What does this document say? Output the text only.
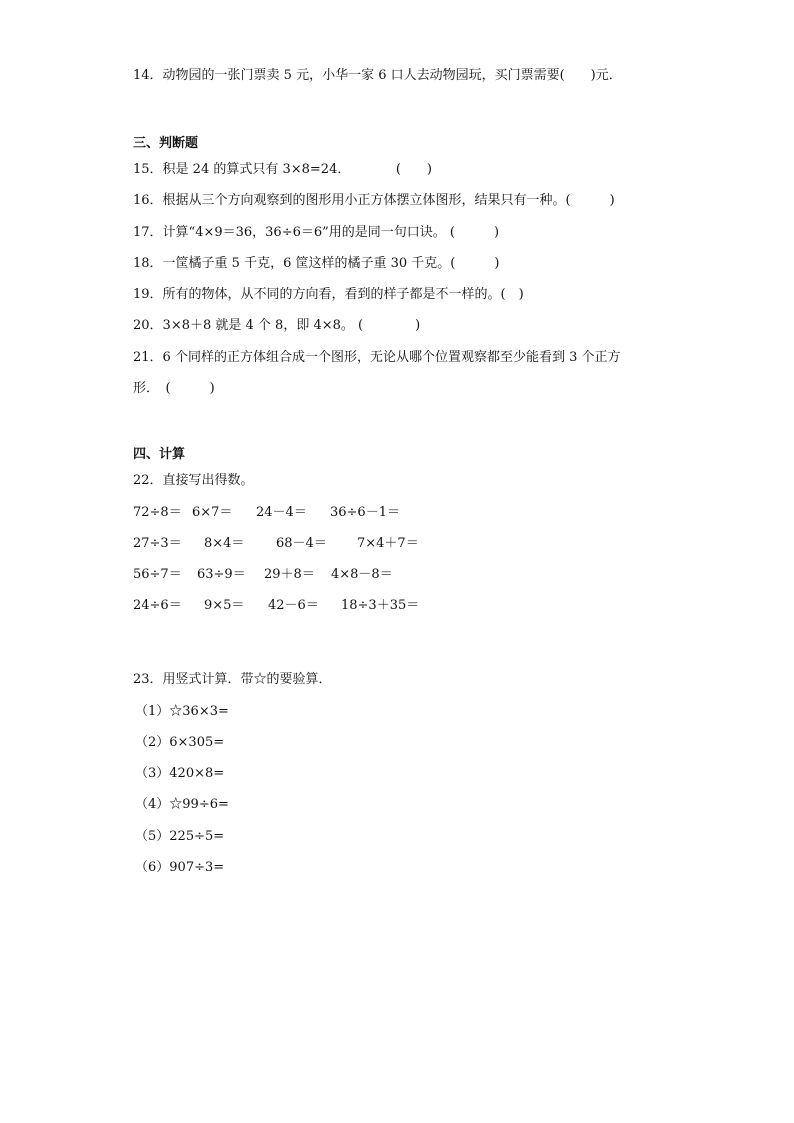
14．动物园的一张门票卖 5 元，小华一家 6 口人去动物园玩，买门票需要(　　)元．
三、判断题
15．积是 24 的算式只有 3×8=24．　　　　(　　)
16．根据从三个方向观察到的图形用小正方体摆立体图形，结果只有一种。(　　　)
17．计算“4×9＝36，36÷6＝6”用的是同一句口诀。 (　　　)
18．一筐橘子重 5 千克，6 筐这样的橘子重 30 千克。(　　　)
19．所有的物体，从不同的方向看，看到的样子都是不一样的。(　)
20．3×8＋8 就是 4 个 8，即 4×8。 (　　　　)
21．6 个同样的正方体组合成一个图形，无论从哪个位置观察都至少能看到 3 个正方
形．　(　　　)
四、计算
22．直接写出得数。
72÷8＝ 6×7＝ 24－4＝ 36÷6－1＝
27÷3＝ 8×4＝ 68－4＝ 7×4＋7＝
56÷7＝ 63÷9＝ 29＋8＝ 4×8－8＝
24÷6＝ 9×5＝ 42－6＝ 18÷3＋35＝
23．用竖式计算．带☆的要验算．
（1）☆36×3=
（2）6×305=
（3）420×8=
（4）☆99÷6=
（5）225÷5=
（6）907÷3=
